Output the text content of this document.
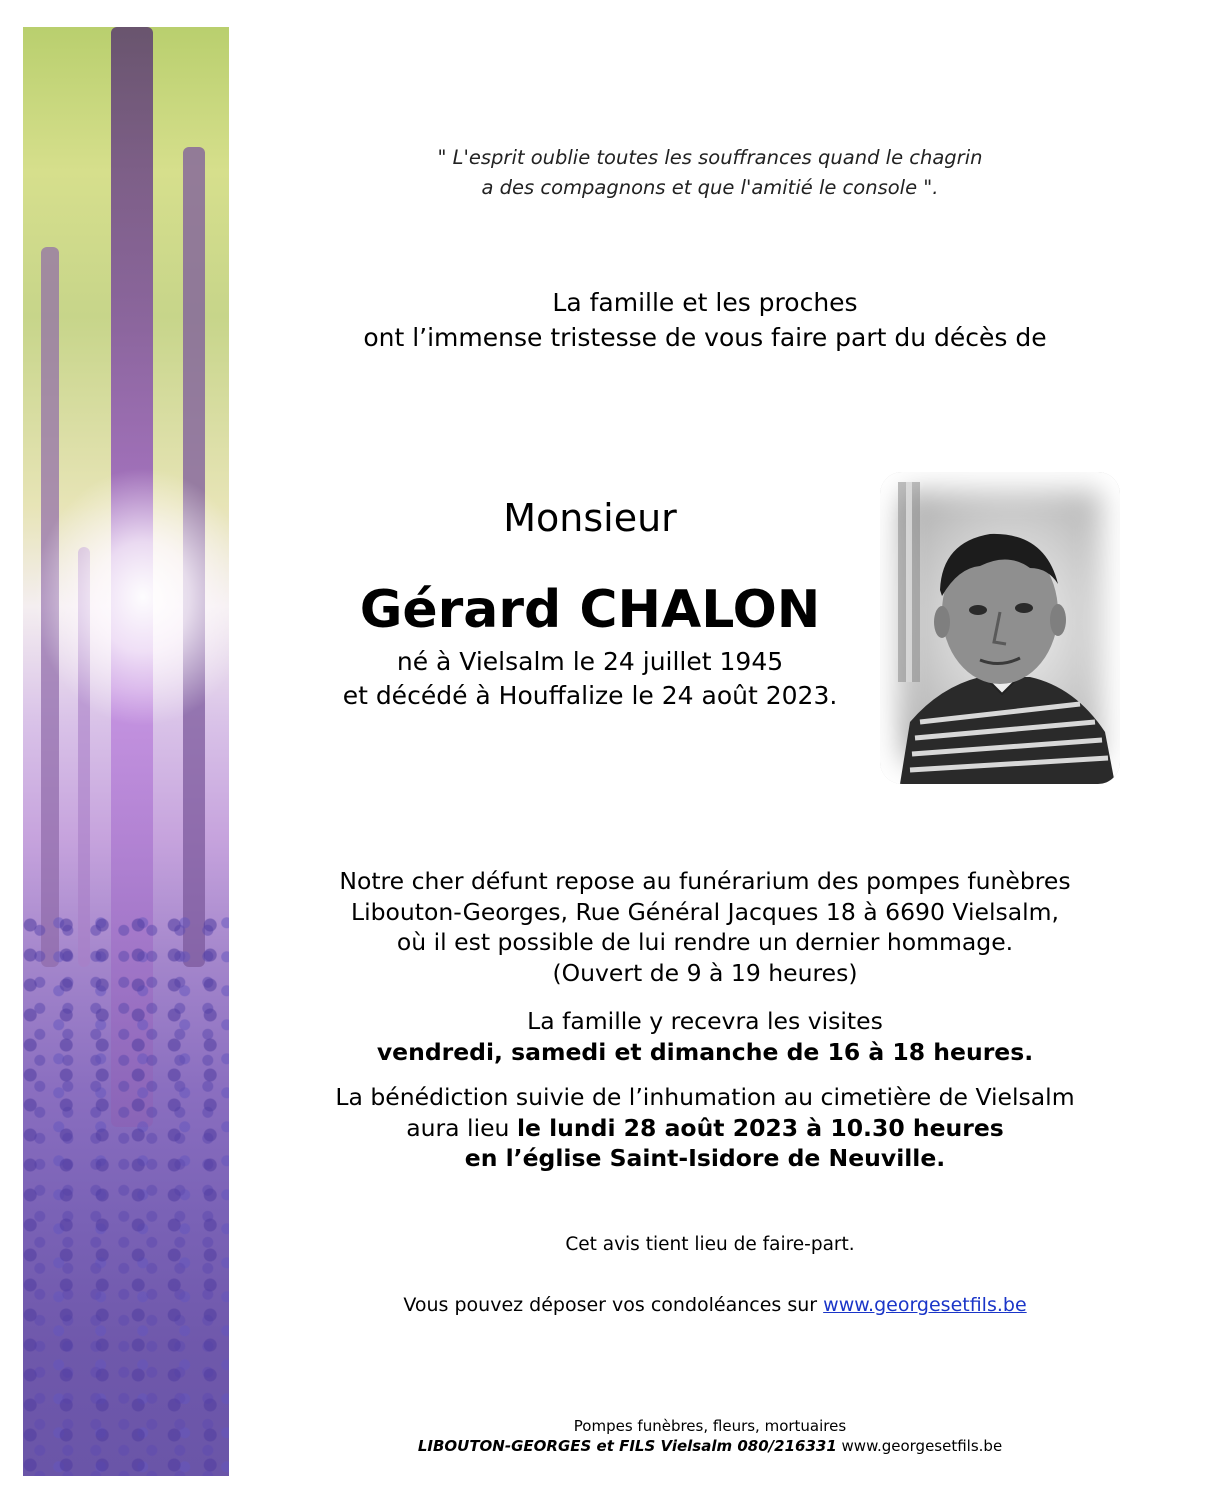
" L'esprit oublie toutes les souffrances quand le chagrin
a des compagnons et que l'amitié le console ".
La famille et les proches
ont l’immense tristesse de vous faire part du décès de
Monsieur
Gérard CHALON
né à Vielsalm le 24 juillet 1945
et décédé à Houffalize le 24 août 2023.
Notre cher défunt repose au funérarium des pompes funèbres
Libouton-Georges, Rue Général Jacques 18 à 6690 Vielsalm,
où il est possible de lui rendre un dernier hommage.
(Ouvert de 9 à 19 heures)
La famille y recevra les visites
vendredi, samedi et dimanche de 16 à 18 heures.
La bénédiction suivie de l’inhumation au cimetière de Vielsalm
aura lieu le lundi 28 août 2023 à 10.30 heures
en l’église Saint-Isidore de Neuville.
Cet avis tient lieu de faire-part.
Vous pouvez déposer vos condoléances sur www.georgesetfils.be
Pompes funèbres, fleurs, mortuaires
LIBOUTON-GEORGES et FILS Vielsalm 080/216331 www.georgesetfils.be
